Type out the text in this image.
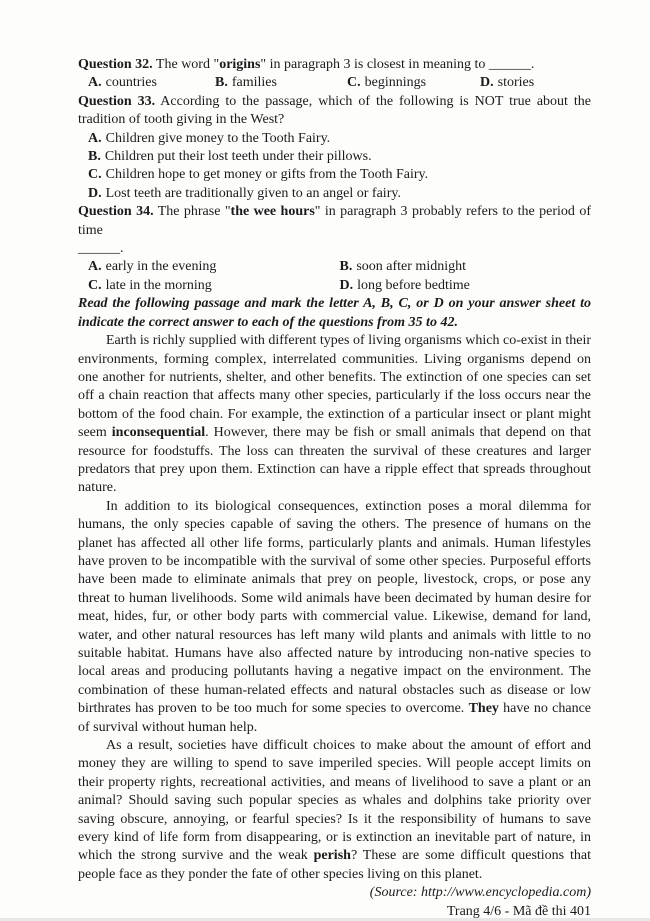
Question 32. The word "origins" in paragraph 3 is closest in meaning to ______.

A. countries	B. families	C. beginnings	D. stories

Question 33. According to the passage, which of the following is NOT true about the tradition of tooth giving in the West?

A. Children give money to the Tooth Fairy.
B. Children put their lost teeth under their pillows.
C. Children hope to get money or gifts from the Tooth Fairy.
D. Lost teeth are traditionally given to an angel or fairy.

Question 34. The phrase "the wee hours" in paragraph 3 probably refers to the period of time

______.

A. early in the evening	B. soon after midnight
C. late in the morning	D. long before bedtime

Read the following passage and mark the letter A, B, C, or D on your answer sheet to indicate the correct answer to each of the questions from 35 to 42.

Earth is richly supplied with different types of living organisms which co-exist in their environments, forming complex, interrelated communities. Living organisms depend on one another for nutrients, shelter, and other benefits. The extinction of one species can set off a chain reaction that affects many other species, particularly if the loss occurs near the bottom of the food chain. For example, the extinction of a particular insect or plant might seem inconsequential. However, there may be fish or small animals that depend on that resource for foodstuffs. The loss can threaten the survival of these creatures and larger predators that prey upon them. Extinction can have a ripple effect that spreads throughout nature.

In addition to its biological consequences, extinction poses a moral dilemma for humans, the only species capable of saving the others. The presence of humans on the planet has affected all other life forms, particularly plants and animals. Human lifestyles have proven to be incompatible with the survival of some other species. Purposeful efforts have been made to eliminate animals that prey on people, livestock, crops, or pose any threat to human livelihoods. Some wild animals have been decimated by human desire for meat, hides, fur, or other body parts with commercial value. Likewise, demand for land, water, and other natural resources has left many wild plants and animals with little to no suitable habitat. Humans have also affected nature by introducing non-native species to local areas and producing pollutants having a negative impact on the environment. The combination of these human-related effects and natural obstacles such as disease or low birthrates has proven to be too much for some species to overcome. They have no chance of survival without human help.

As a result, societies have difficult choices to make about the amount of effort and money they are willing to spend to save imperiled species. Will people accept limits on their property rights, recreational activities, and means of livelihood to save a plant or an animal? Should saving such popular species as whales and dolphins take priority over saving obscure, annoying, or fearful species? Is it the responsibility of humans to save every kind of life form from disappearing, or is extinction an inevitable part of nature, in which the strong survive and the weak perish? These are some difficult questions that people face as they ponder the fate of other species living on this planet.

(Source: http://www.encyclopedia.com)

Trang 4/6 - Mã đề thi 401
